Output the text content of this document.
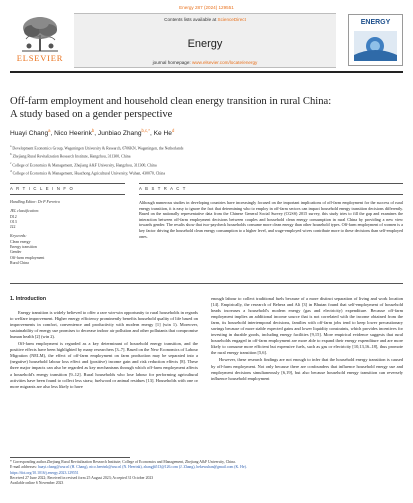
Energy 287 (2024) 129551
ELSEVIER
Contents lists available at ScienceDirect
Energy
journal homepage: www.elsevier.com/locate/energy
ENERGY
Off-farm employment and household clean energy transition in rural China:
A study based on a gender perspective
Huayi Chang$^a$, Nico Heerink$^b$, Junbiao Zhang$^{b,c,*}$, Ke He$^d$
$^a$ Development Economics Group, Wageningen University & Research, 6706KN, Wageningen, the Netherlands
$^b$ Zhejiang Rural Revitalization Research Institute, Hangzhou, 311300, China
$^c$ College of Economics & Management, Zhejiang A&F University, Hangzhou, 311300, China
$^d$ College of Economics & Management, Huazhong Agricultural University, Wuhan, 430070, China
A R T I C L E I N F O	A B S T R A C T
Handling Editor: Dr P Ferreira
JEL classification:
D12
O13
J22
Keywords:
Clean energy
Energy transition
Gender
Off-farm employment
Rural China
Although numerous studies in developing countries have increasingly focused on the important implications of off-farm employment for the success of rural energy transition, it is easy to ignore the fact that determining who to employ in off-farm sectors can impact household energy transition decisions differently. Based on the nationally representative data from the Chinese General Social Survey (CGSS) 2015 survey, this study tries to fill the gap and examines the interaction between off-farm employment decisions between couples and household clean energy consumption in rural China by providing a new view towards gender. The results show that two-paycheck households consume more clean energy than other household types. Off-farm employment of women is a key factor driving the household clean energy consumption to a higher level, and wage-employed wives contribute more to these decisions than self-employed ones.
1. Introduction

Energy transition is widely believed to offer a rare win-win opportunity to rural households in regards to welfare improvement. Higher energy efficiency prominently benefits household quality of life based on improvements in comfort, convenience and productivity with modern energy [1] (win 1). Moreover, sustainability of energy use promises to decrease indoor air pollution and other pollutants that compromise human health [2] (win 2).

Off-farm employment is regarded as a key determinant of household energy transition, and the positive effects have been highlighted by many researchers [3–7]. Based on the New Economics of Labour Migration (NELM), the effect of off-farm employment on farm production may be separated into a (negative) household labour loss effect and (positive) income gain and risk reduction effects [8]. These three major impacts can also be regarded as key mechanisms through which off-farm employment affects a household's energy transition [9–12]. Rural households who lose labour for performing agricultural activities have been found to collect less straw, fuelwood or animal residues [13]. Households with one or more migrants are also less likely to have

enough labour to collect traditional fuels because of a more distinct separation of living and work location [14]. Empirically, the research of Behera and Ali [3] in Bhutan found that self-employment of household heads increases a household's modern energy (gas and electricity) expenditure. Because off-farm employment implies an additional income source that is not correlated with the income obtained from the farm, its household intertemporal decisions, families with off-farm jobs tend to keep lower precautionary savings because of more stable expected gains and lower liquidity constraints, which provides incentives for investing in durable goods, including energy facilities [9,15]. More empirical evidence suggests that rural households engaged in off-farm employment are more able to expand their energy expenditure and are more likely to consume more efficient but expensive fuels, such as gas or electricity [10,13,16–18], thus promote the rural energy transition [5,6].

However, these research findings are not enough to infer that the household energy transition is caused by off-farm employment. Not only because there are confounders that influence household energy use and employment decisions simultaneously [6,19], but also because household energy transition can reversely influence household employment

* Corresponding author.Zhejiang Rural Revitalization Research Institute; College of Economics and Management, Zhejiang A&F University, China.
E-mail addresses: huayi.chang@wur.nl (H. Chang), nico.heerink@wur.nl (N. Heerink), zhangjb513@126.com (J. Zhang), hekewuhan@gmail.com (K. He).
https://doi.org/10.1016/j.energy.2023.129551
Received 27 June 2022; Received in revised form 25 August 2023; Accepted 31 October 2023
Available online 6 November 2023
